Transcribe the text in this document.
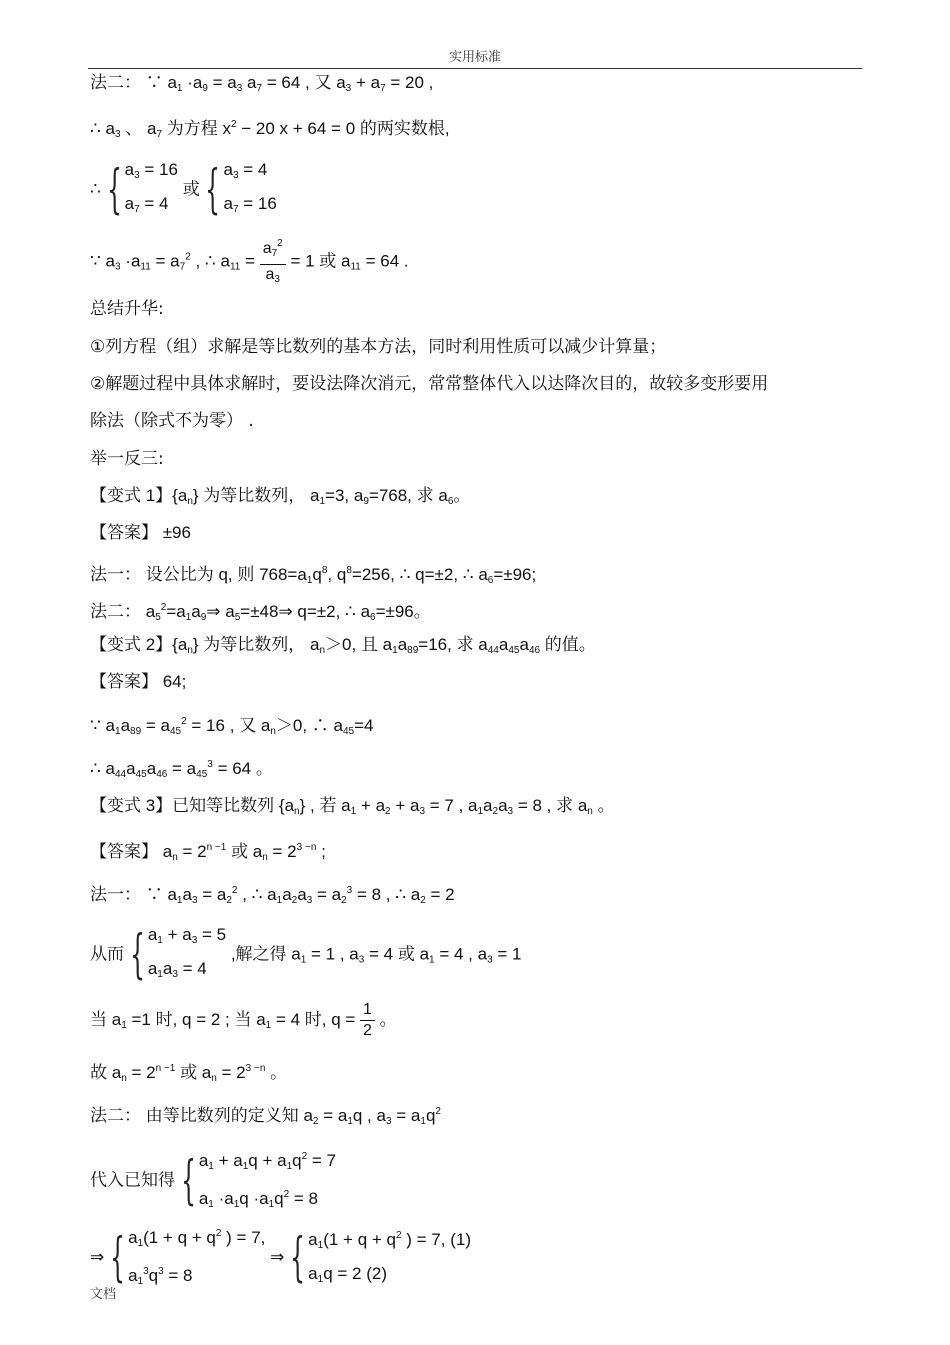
实用标准
法二： ∵ $a_1 \cdot a_9 = a_3$ $a_7 = 64$ , 又 $a_3 + a_7 = 20$ ,
∴ $a_3$ 、 $a_7$ 为方程 $x^2 - 20$ x + 64 = 0 的两实数根,
∴ { $a_3 = 16$
$a_7 = 4$
或 { $a_3 = 4$
$a_7 = 16$
∵ $a_3 \cdot a_{11} = a_7^2$ , ∴ $a_{11} = \frac{a_7^2}{a_3} = 1$ 或 $a_{11} = 64$ .
总结升华:
①列方程（组）求解是等比数列的基本方法，同时利用性质可以减少计算量；
②解题过程中具体求解时，要设法降次消元，常常整体代入以达降次目的，故较多变形要用
除法（除式不为零） .
举一反三:
【变式 1】$\{a_n\}$ 为等比数列， $a_1=3$, $a_9=768$, 求 $a_6$。
【答案】 ±96
法一： 设公比为 q, 则 $768=a_1q^8$, $q^8=256$, ∴ q=±2, ∴ $a_6=\pm 96$;
法二： $a_5^2=a_1a_9\Rightarrow$ $a_5=\pm 48\Rightarrow$ q=±2, ∴ $a_6=\pm 96$。
【变式 2】$\{a_n\}$ 为等比数列， $a_n>0$, 且 $a_1a_{89}=16$, 求 $a_{44}a_{45}a_{46}$ 的值。
【答案】 64;
∵ $a_1a_{89} = a_{45}^2 = 16$ , 又 $a_n>0$, ∴ $a_{45}=4$
∴ $a_{44}a_{45}a_{46} = a_{45}^3 = 64$ 。
【变式 3】已知等比数列 $\{a_n\}$ , 若 $a_1 + a_2 + a_3 = 7$ , $a_1a_2a_3 = 8$ , 求 $a_n$ 。
【答案】 $a_n = 2^{n -1}$ 或 $a_n = 2^{3 -n}$ ;
法一： ∵ $a_1a_3 = a_2^2$ , ∴ $a_1a_2a_3 = a_2^3 = 8$ , ∴ $a_2 = 2$
从而 { $a_1 + a_3 = 5$
$a_1a_3 = 4$
,解之得 $a_1 = 1$ , $a_3 = 4$ 或 $a_1 = 4$ , $a_3 = 1$
当 $a_1 =1$ 时, q = 2 ; 当 $a_1 = 4$ 时, $q = \frac{1}{2}$ 。
故 $a_n = 2^{n -1}$ 或 $a_n = 2^{3 -n}$ 。
法二： 由等比数列的定义知 $a_2 = a_1q$ , $a_3 = a_1q^2$
代入已知得 { $a_1 + a_1q + a_1q^2 = 7$
$a_1 \cdot a_1q \cdot a_1q^2 = 8$
⇒ { $a_1(1 + q + q^2$ ) = 7,
$a_1^3q^3 = 8$
⇒ { $a_1(1 + q + q^2$ ) = 7, (1)
$a_1q = 2$ (2)
文档
